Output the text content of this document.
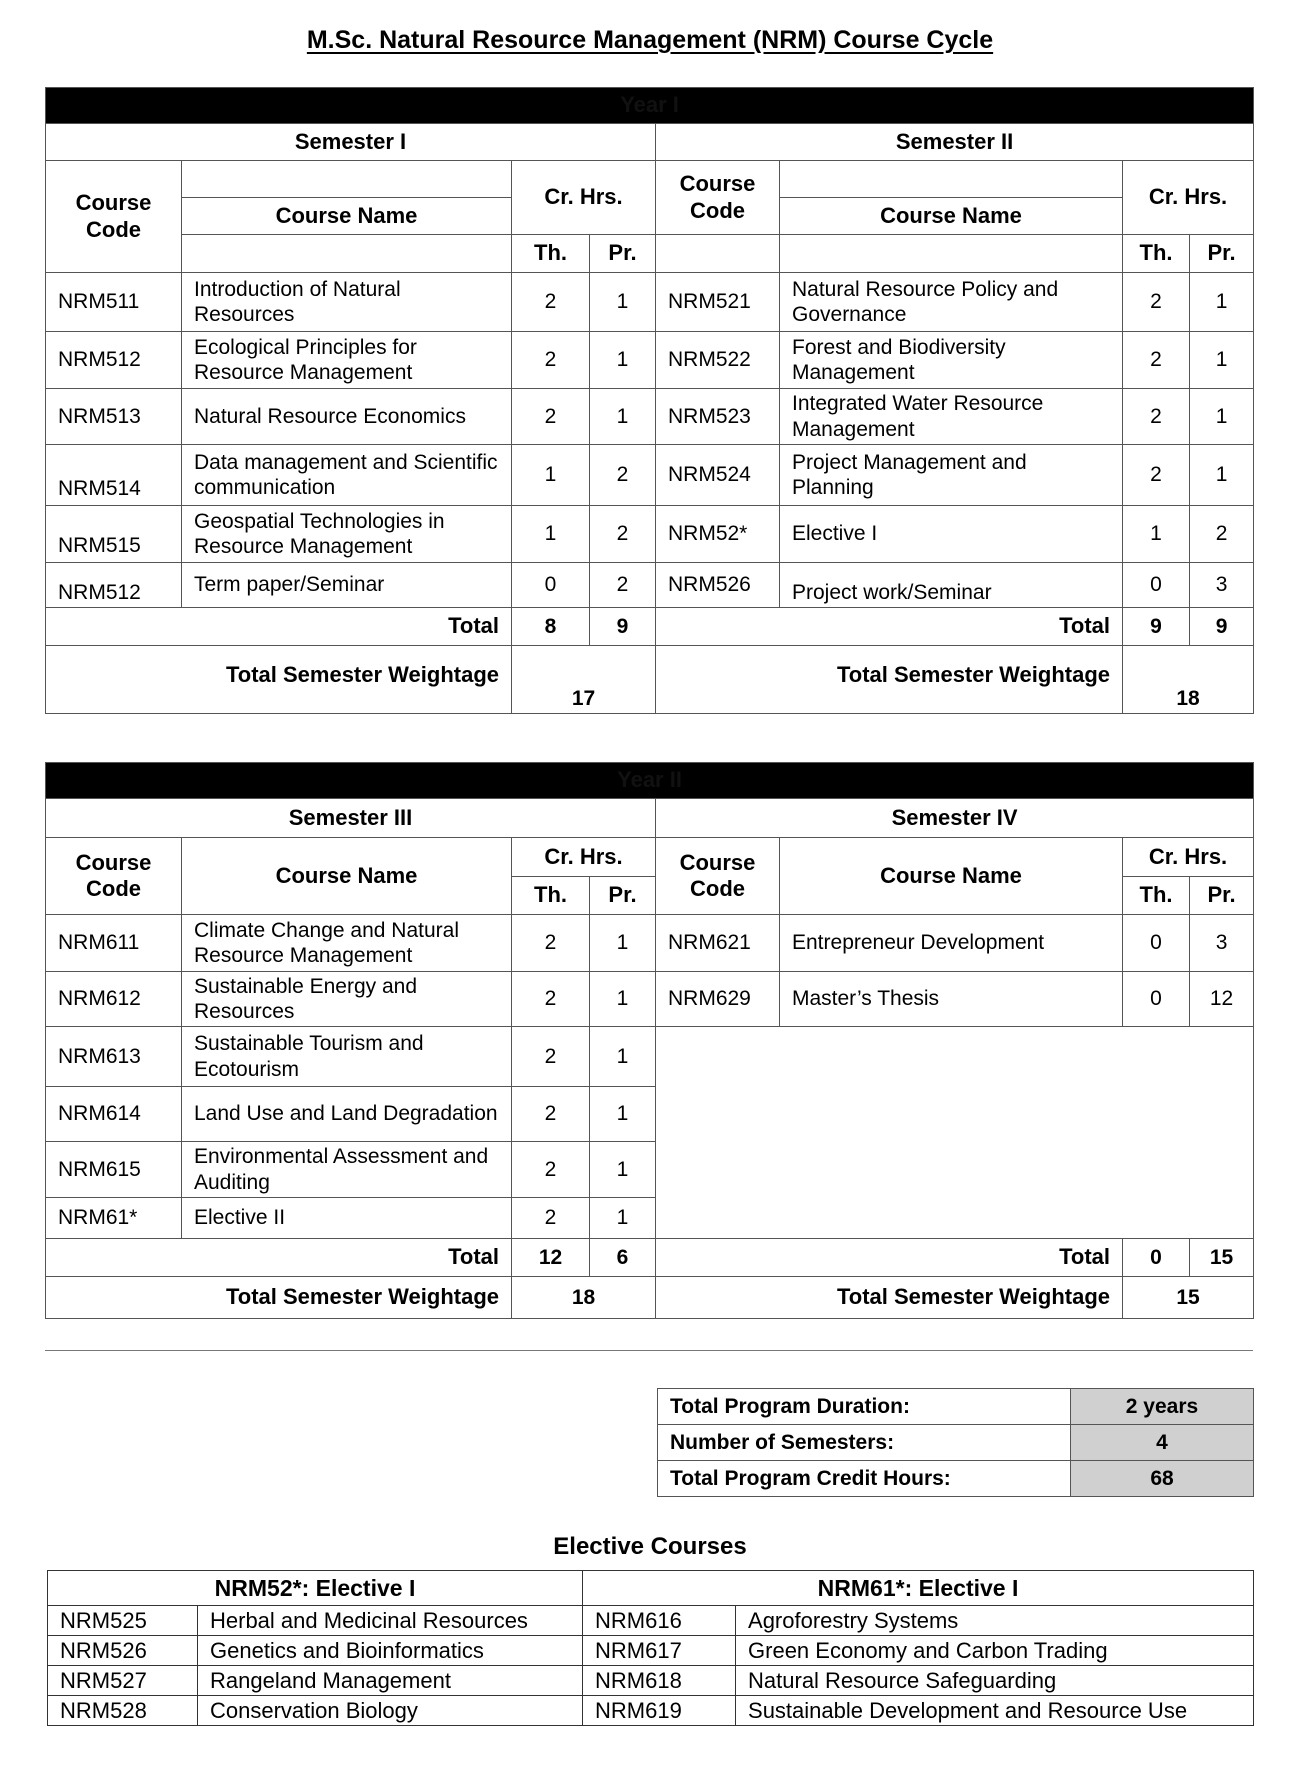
M.Sc. Natural Resource Management (NRM) Course Cycle
Year I							
Semester I				Semester II			
Course Code		Cr. Hrs.		Course Code		Cr. Hrs.	
	Course Name				Course Name		
		Th.	Pr.			Th.	Pr.
NRM511	Introduction of Natural Resources	2	1	NRM521	Natural Resource Policy and Governance	2	1
NRM512	Ecological Principles for Resource Management	2	1	NRM522	Forest and Biodiversity Management	2	1
NRM513	Natural Resource Economics	2	1	NRM523	Integrated Water Resource Management	2	1
NRM514	Data management and Scientific communication	1	2	NRM524	Project Management and Planning	2	1
NRM515	Geospatial Technologies in Resource Management	1	2	NRM52*	Elective I	1	2
NRM512	Term paper/Seminar	0	2	NRM526	Project work/Seminar	0	3
Total		8	9	Total		9	9
Total Semester Weightage		17		Total Semester Weightage		18	
Year II							
Semester III				Semester IV			
Course Code	Course Name	Cr. Hrs.		Course Code	Course Name	Cr. Hrs.	
		Th.	Pr.			Th.	Pr.
NRM611	Climate Change and Natural Resource Management	2	1	NRM621	Entrepreneur Development	0	3
NRM612	Sustainable Energy and Resources	2	1	NRM629	Master’s Thesis	0	12
NRM613	Sustainable Tourism and Ecotourism	2	1				
NRM614	Land Use and Land Degradation	2	1				
NRM615	Environmental Assessment and Auditing	2	1				
NRM61*	Elective II	2	1				
Total		12	6	Total		0	15
Total Semester Weightage		18		Total Semester Weightage		15	
Total Program Duration:	2 years
Number of Semesters:	4
Total Program Credit Hours:	68
Elective Courses
NRM52*: Elective I		NRM61*: Elective I	
NRM525	Herbal and Medicinal Resources	NRM616	Agroforestry Systems
NRM526	Genetics and Bioinformatics	NRM617	Green Economy and Carbon Trading
NRM527	Rangeland Management	NRM618	Natural Resource Safeguarding
NRM528	Conservation Biology	NRM619	Sustainable Development and Resource Use
